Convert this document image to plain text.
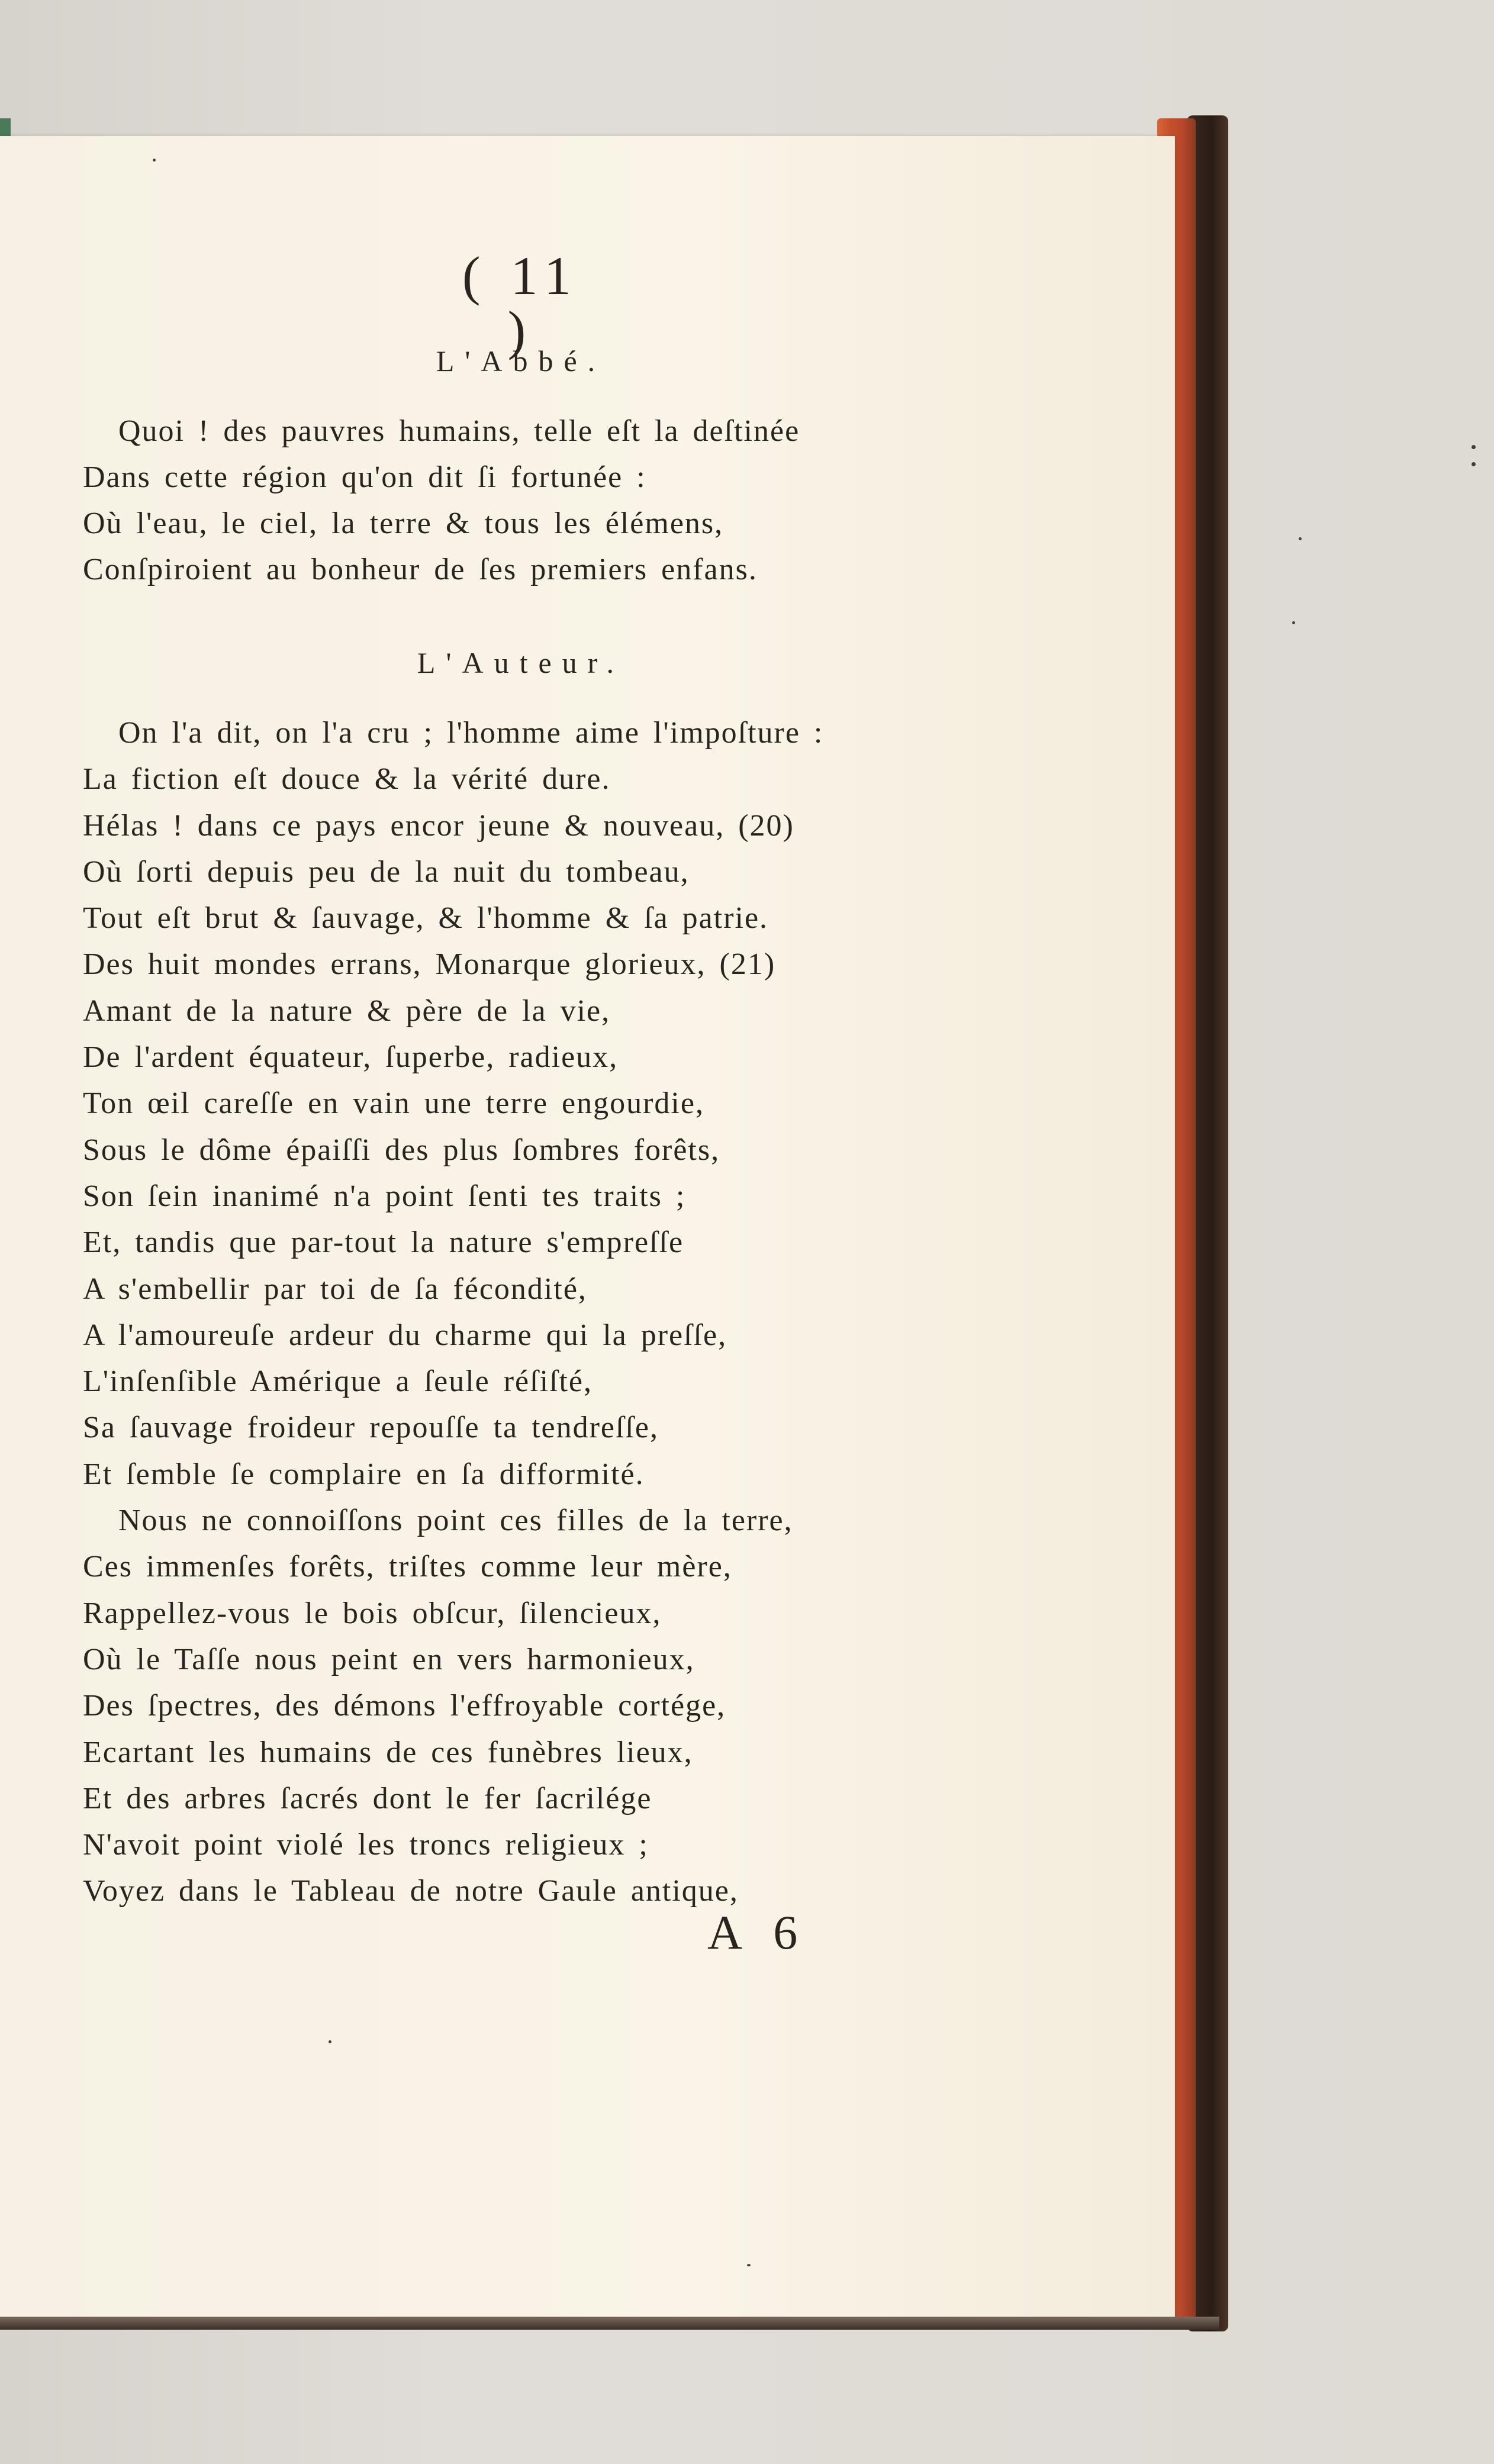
( 11 )
L'Abbé.
Quoi ! des pauvres humains, telle eſt la deſtinée
Dans cette région qu'on dit ſi fortunée :
Où l'eau, le ciel, la terre & tous les élémens,
Conſpiroient au bonheur de ſes premiers enfans.
L'Auteur.
On l'a dit, on l'a cru ; l'homme aime l'impoſture :
La fiction eſt douce & la vérité dure.
Hélas ! dans ce pays encor jeune & nouveau, (20)
Où ſorti depuis peu de la nuit du tombeau,
Tout eſt brut & ſauvage, & l'homme & ſa patrie.
Des huit mondes errans, Monarque glorieux, (21)
Amant de la nature & père de la vie,
De l'ardent équateur, ſuperbe, radieux,
Ton œil careſſe en vain une terre engourdie,
Sous le dôme épaiſſi des plus ſombres forêts,
Son ſein inanimé n'a point ſenti tes traits ;
Et, tandis que par-tout la nature s'empreſſe
A s'embellir par toi de ſa fécondité,
A l'amoureuſe ardeur du charme qui la preſſe,
L'inſenſible Amérique a ſeule réſiſté,
Sa ſauvage froideur repouſſe ta tendreſſe,
Et ſemble ſe complaire en ſa difformité.
Nous ne connoiſſons point ces filles de la terre,
Ces immenſes forêts, triſtes comme leur mère,
Rappellez-vous le bois obſcur, ſilencieux,
Où le Taſſe nous peint en vers harmonieux,
Des ſpectres, des démons l'effroyable cortége,
Ecartant les humains de ces funèbres lieux,
Et des arbres ſacrés dont le fer ſacrilége
N'avoit point violé les troncs religieux ;
Voyez dans le Tableau de notre Gaule antique,
A 6
